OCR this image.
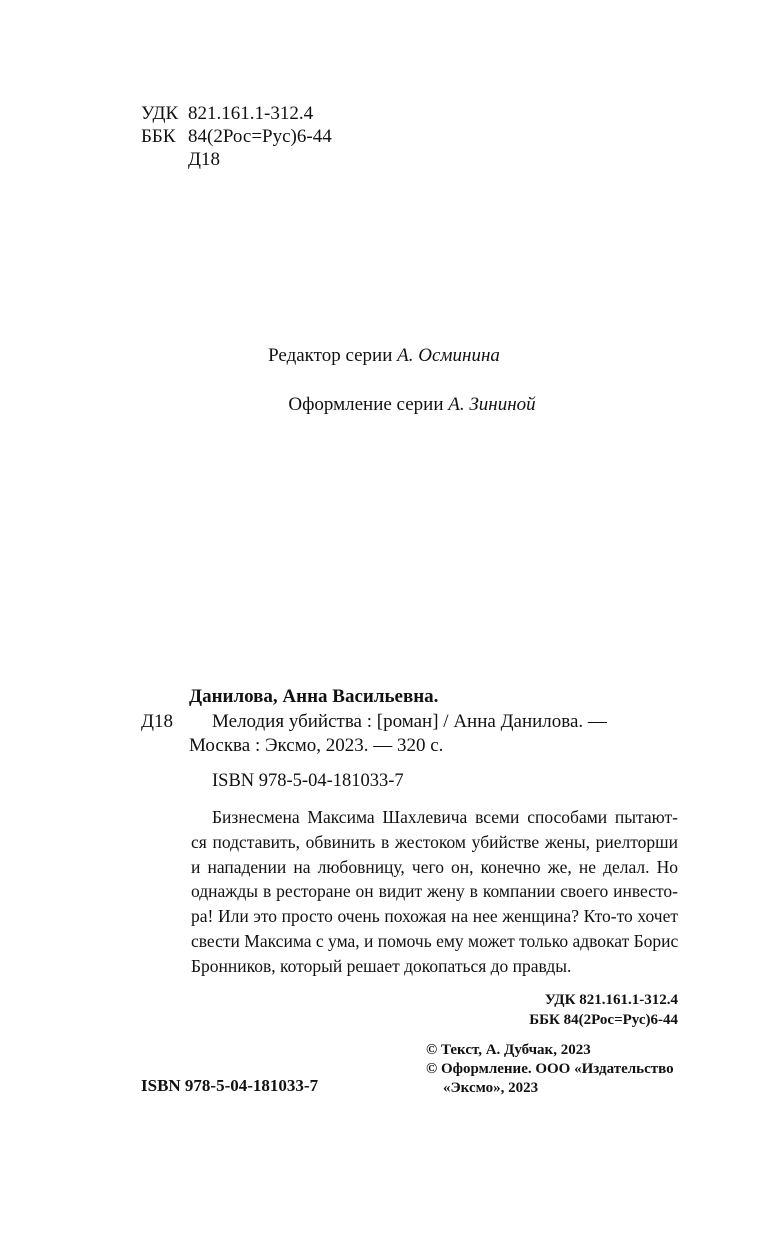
УДК 821.161.1-312.4
ББК 84(2Рос=Рус)6-44
Д18
Редактор серии А. Осминина
Оформление серии А. Зининой
Данилова, Анна Васильевна.
Д18 Мелодия убийства : [роман] / Анна Данилова. —
Москва : Эксмо, 2023. — 320 с.
ISBN 978-5-04-181033-7
Бизнесмена Максима Шахлевича всеми способами пытают-
ся подставить, обвинить в жестоком убийстве жены, риелторши
и нападении на любовницу, чего он, конечно же, не делал. Но
однажды в ресторане он видит жену в компании своего инвесто-
ра! Или это просто очень похожая на нее женщина? Кто-то хочет
свести Максима с ума, и помочь ему может только адвокат Борис
Бронников, который решает докопаться до правды.
УДК 821.161.1-312.4
ББК 84(2Рос=Рус)6-44
© Текст, А. Дубчак, 2023
© Оформление. ООО «Издательство
«Эксмо», 2023
ISBN 978-5-04-181033-7
